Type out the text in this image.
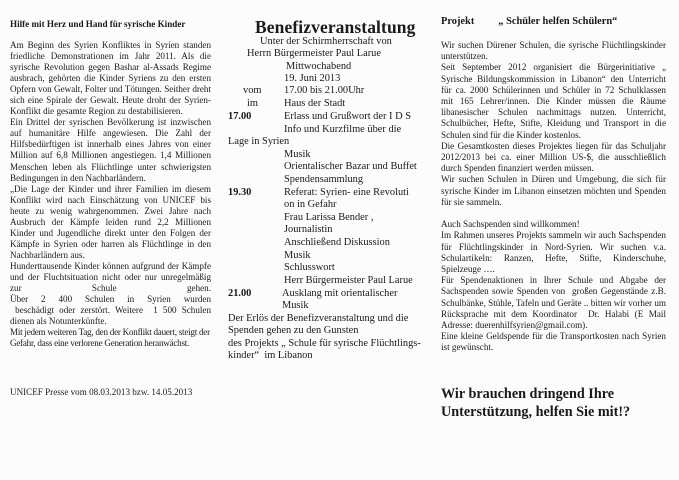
Hilfe mit Herz und Hand für syrische Kinder

Am Beginn des Syrien Konfliktes in Syrien standen friedliche Demonstrationen im Jahr 2011. Als die syrische Revolution gegen Bashar al-Assads Regime ausbrach, gehörten die Kinder Syriens zu den ersten Opfern von Gewalt, Folter und Tötungen. Seither dreht sich eine Spirale der Gewalt. Heute droht der Syrien-Konflikt die gesamte Region zu destabilisieren.

Ein Drittel der syrischen Bevölkerung ist inzwischen auf humanitäre Hilfe angewiesen. Die Zahl der Hilfsbedürftigen ist innerhalb eines Jahres von einer Million auf 6,8 Millionen angestiegen. 1,4 Millionen Menschen leben als Flüchtlinge unter schwierigsten Bedingungen in den Nachbarländern.

„Die Lage der Kinder und ihrer Familien im diesem Konflikt wird nach Einschätzung von UNICEF bis heute zu wenig wahrgenommen. Zwei Jahre nach Ausbruch der Kämpfe leiden rund 2,2 Millionen Kinder und Jugendliche direkt unter den Folgen der Kämpfe in Syrien oder harren als Flüchtlinge in den Nachbarländern aus.

Hunderttausende Kinder können aufgrund der Kämpfe und der Fluchtsituation nicht oder nur unregelmäßig zur Schule gehen.

Über 2 400 Schulen in Syrien wurden

beschädigt oder zerstört. Weitere  1 500 Schulen dienen als Notunterkünfte.

Mit jedem weiteren Tag, den der Konflikt dauert, steigt der Gefahr, dass eine verlorene Generation heranwächst.

UNICEF Presse vom 08.03.2013 bzw. 14.05.2013
Benefizveranstaltung
Unter der Schirmherrschaft von
Herrn Bürgermeister Paul Larue
Mittwochabend
19. Juni 2013
vom 17.00 bis 21.00Uhr
im	Haus der Stadt
17.00	Erlass und Grußwort der I D S
Info und Kurzfilme über die
Lage in Syrien
Musik
Orientalischer Bazar und Buffet
Spendensammlung
19.30	Referat: Syrien- eine Revoluti
on in Gefahr
Frau Larissa Bender ,
Journalistin
Anschließend Diskussion
Musik
Schlusswort
Herr Bürgermeister Paul Larue
21.00	Ausklang mit orientalischer
Musik
Der Erlös der Benefizveranstaltung und die
Spenden gehen zu den Gunsten
des Projekts „ Schule für syrische Flüchtlings-
kinder“  im Libanon
Projekt „ Schüler helfen Schülern“

Wir suchen Dürener Schulen, die syrische Flüchtlingskinder unterstützen.

Seit September 2012 organisiert die Bürgerinitiative „ Syrische Bildungskommission in Libanon“ den Unterricht für ca. 2000 Schülerinnen und Schüler in 72 Schulklassen mit 165 Lehrer/innen. Die Kinder müssen die Räume libanesischer Schulen nachmittags nutzen. Unterricht, Schulbücher, Hefte, Stifte, Kleidung und Transport in die Schulen sind für die Kinder kostenlos.

Die Gesamtkosten dieses Projektes liegen für das Schuljahr 2012/2013 bei ca. einer Million US-$, die ausschließlich durch Spenden finanziert werden müssen.

Wir suchen Schulen in Düren und Umgebung, die sich für syrische Kinder im Libanon einsetzen möchten und Spenden für sie sammeln.

Auch Sachspenden sind willkommen!

Im Rahmen unseres Projekts sammeln wir auch Sachspenden für Flüchtlingskinder in Nord-Syrien. Wir suchen v.a. Schulartikeln: Ranzen, Hefte, Stifte, Kinderschuhe, Spielzeuge ….

Für Spendenaktionen in Ihrer Schule und Abgabe der Sachspenden sowie Spenden von  großen Gegenstände z.B. Schulbänke, Stühle, Tafeln und Geräte .. bitten wir vorher um Rücksprache mit dem Koordinator  Dr. Halabi (E Mail Adresse: duerenhilfsyrien@gmail.com).

Eine kleine Geldspende für die Transportkosten nach Syrien ist gewünscht.

Wir brauchen dringend Ihre Unterstützung, helfen Sie mit!?
